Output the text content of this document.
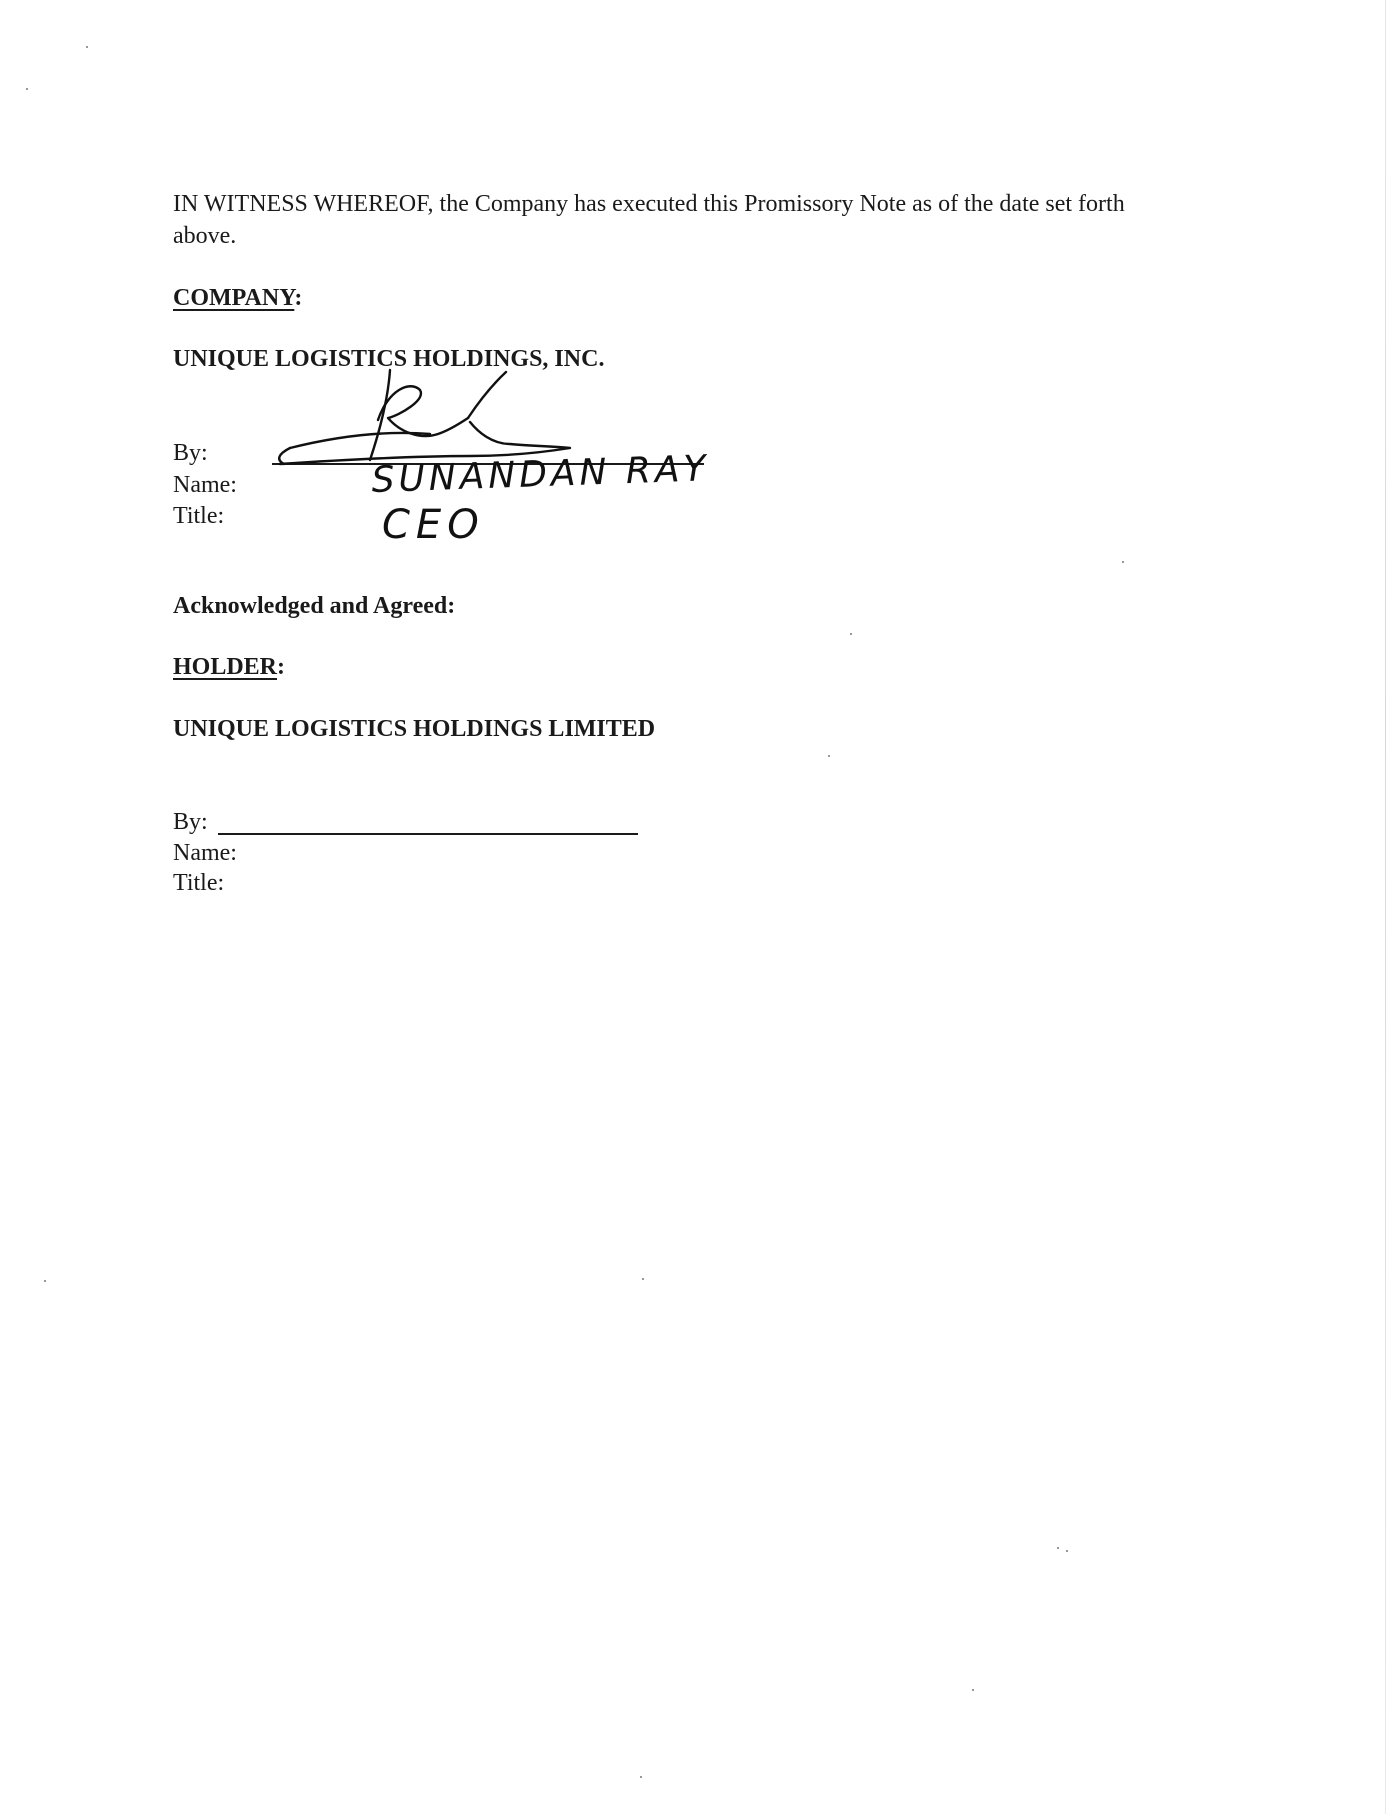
IN WITNESS WHEREOF, the Company has executed this Promissory Note as of the date set forth above.
COMPANY:
UNIQUE LOGISTICS HOLDINGS, INC.
By:
Name:
Title:
SUNANDAN RAY
CEO
Acknowledged and Agreed:
HOLDER:
UNIQUE LOGISTICS HOLDINGS LIMITED
By:
Name:
Title:
